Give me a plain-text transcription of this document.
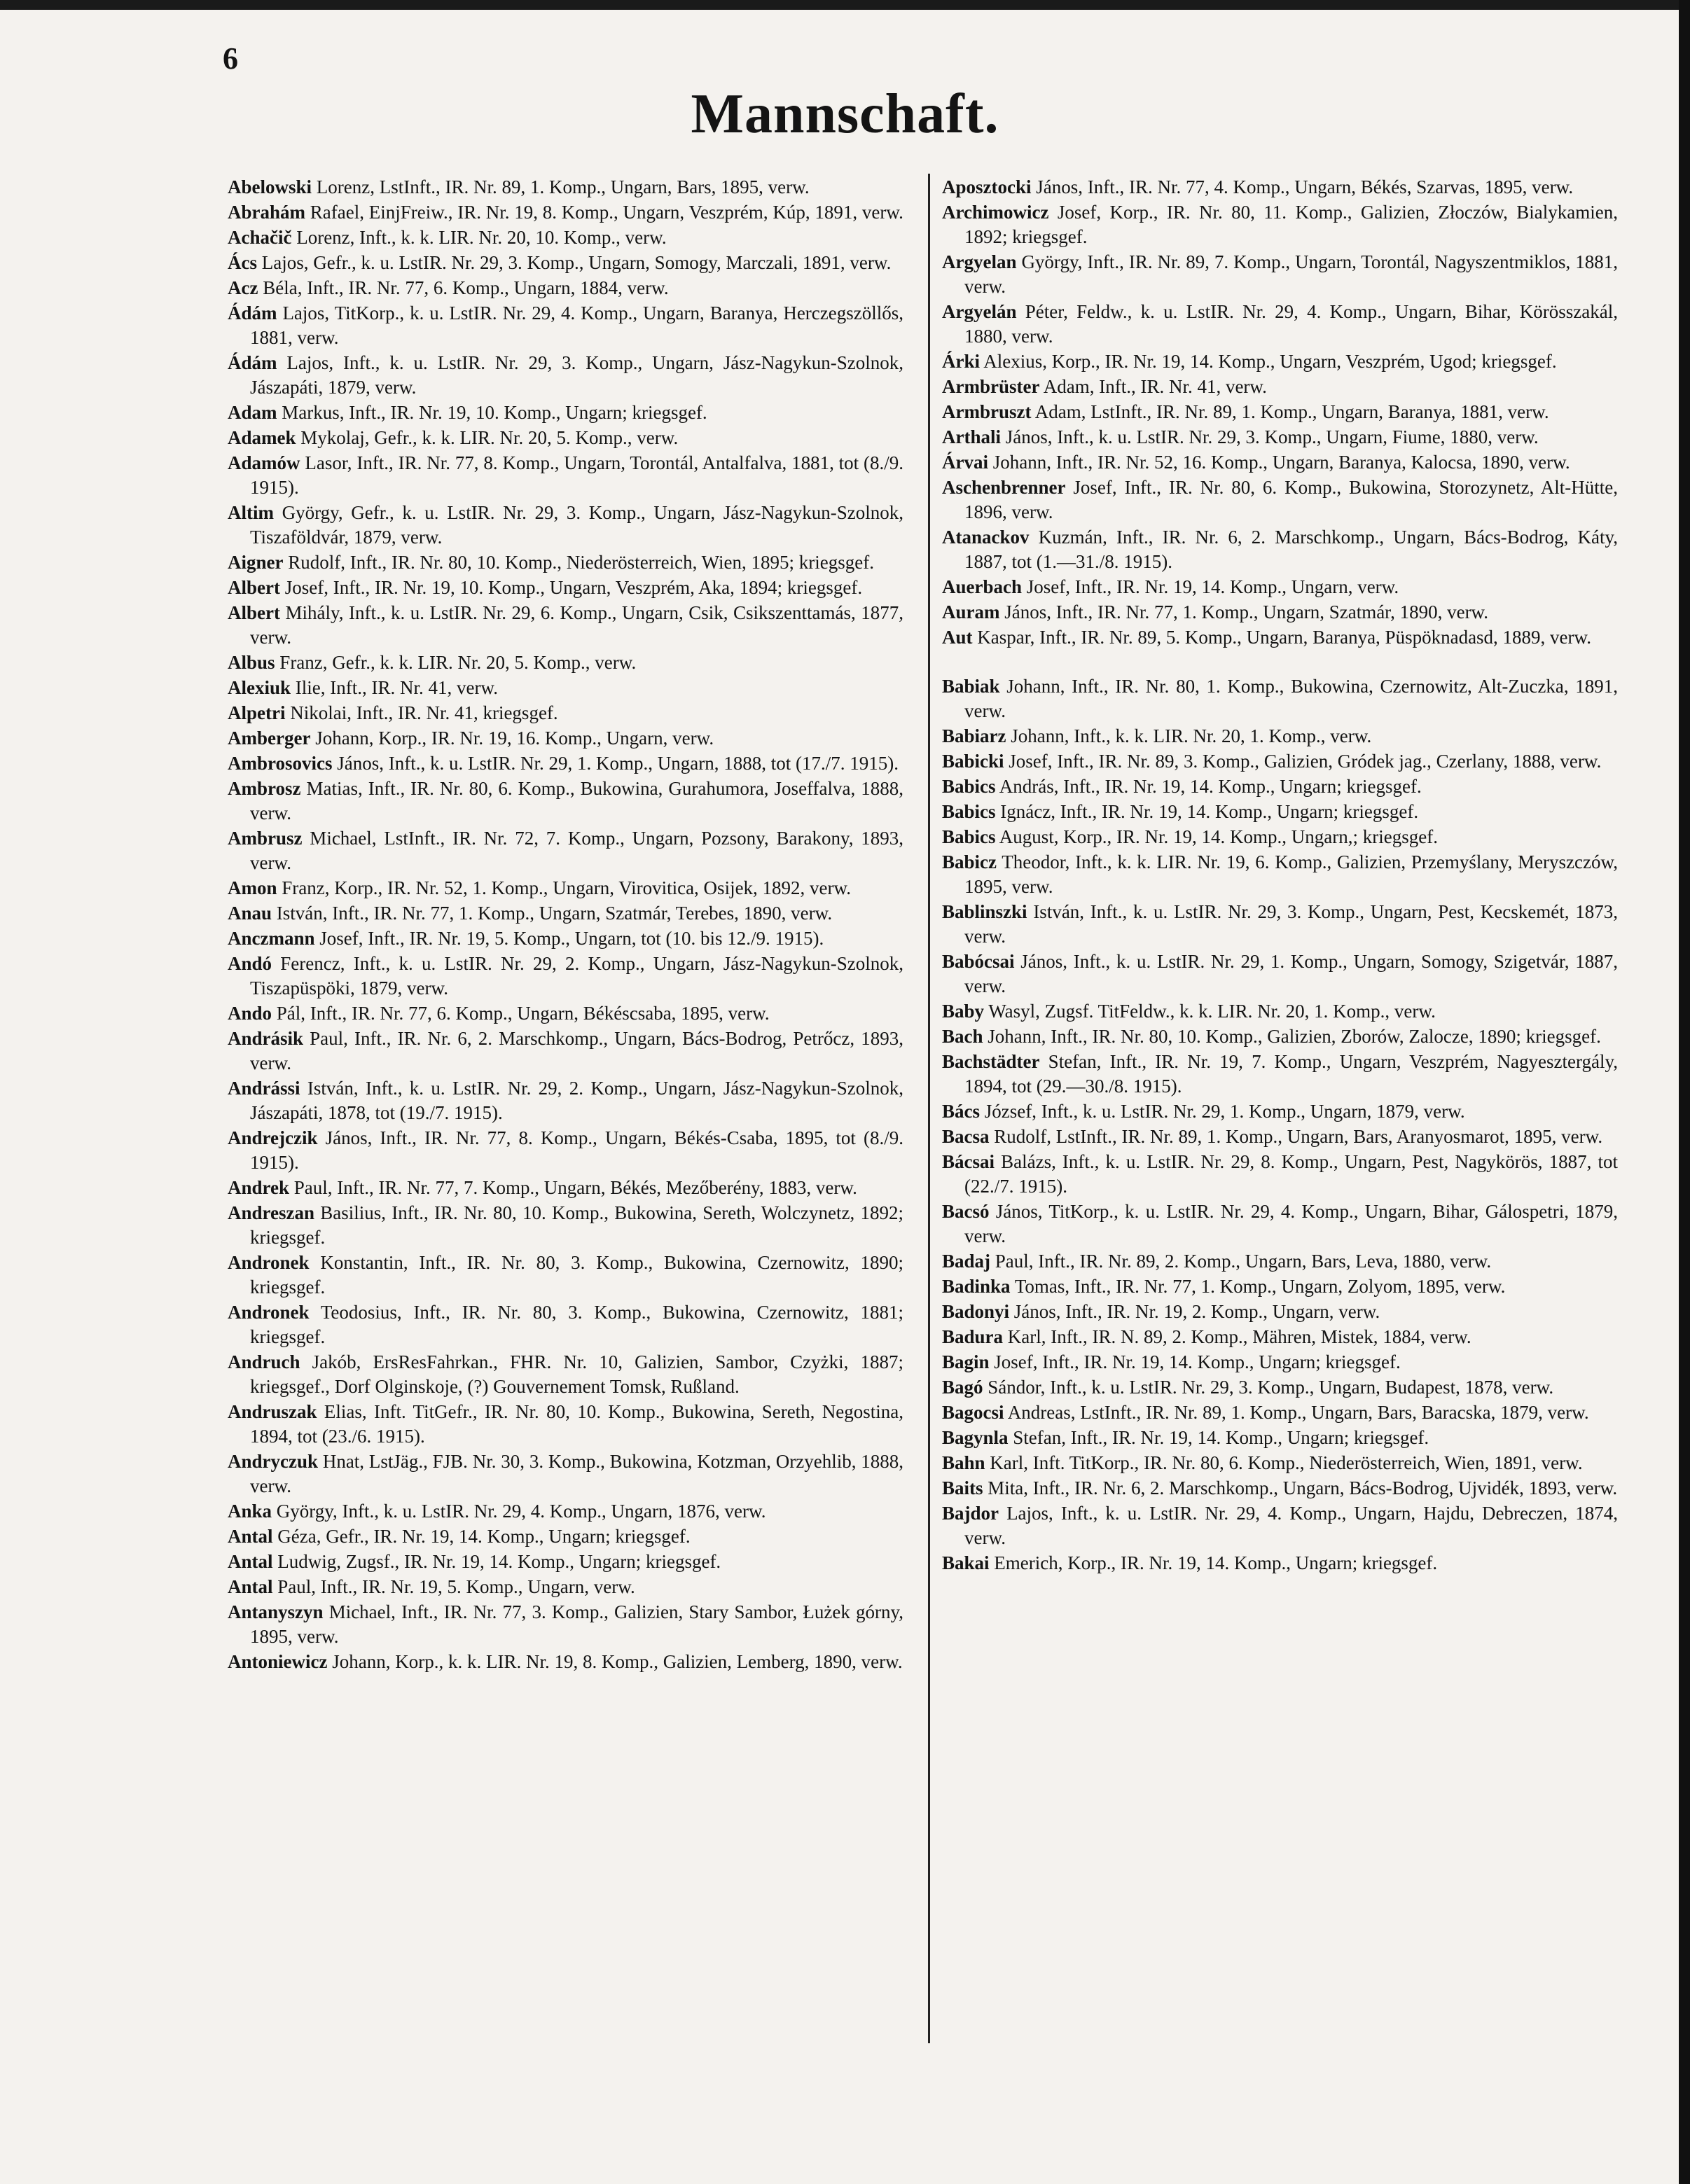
6
Mannschaft.
Abelowski Lorenz, LstInft., IR. Nr. 89, 1. Komp., Ungarn, Bars, 1895, verw.
Abrahám Rafael, EinjFreiw., IR. Nr. 19, 8. Komp., Ungarn, Veszprém, Kúp, 1891, verw.
Achačič Lorenz, Inft., k. k. LIR. Nr. 20, 10. Komp., verw.
Ács Lajos, Gefr., k. u. LstIR. Nr. 29, 3. Komp., Ungarn, Somogy, Marczali, 1891, verw.
Acz Béla, Inft., IR. Nr. 77, 6. Komp., Ungarn, 1884, verw.
Ádám Lajos, TitKorp., k. u. LstIR. Nr. 29, 4. Komp., Ungarn, Baranya, Herczegszöllős, 1881, verw.
Ádám Lajos, Inft., k. u. LstIR. Nr. 29, 3. Komp., Ungarn, Jász-Nagykun-Szolnok, Jászapáti, 1879, verw.
Adam Markus, Inft., IR. Nr. 19, 10. Komp., Ungarn; kriegsgef.
Adamek Mykolaj, Gefr., k. k. LIR. Nr. 20, 5. Komp., verw.
Adamów Lasor, Inft., IR. Nr. 77, 8. Komp., Ungarn, Torontál, Antalfalva, 1881, tot (8./9. 1915).
Altim György, Gefr., k. u. LstIR. Nr. 29, 3. Komp., Ungarn, Jász-Nagykun-Szolnok, Tiszaföldvár, 1879, verw.
Aigner Rudolf, Inft., IR. Nr. 80, 10. Komp., Niederösterreich, Wien, 1895; kriegsgef.
Albert Josef, Inft., IR. Nr. 19, 10. Komp., Ungarn, Veszprém, Aka, 1894; kriegsgef.
Albert Mihály, Inft., k. u. LstIR. Nr. 29, 6. Komp., Ungarn, Csik, Csikszenttamás, 1877, verw.
Albus Franz, Gefr., k. k. LIR. Nr. 20, 5. Komp., verw.
Alexiuk Ilie, Inft., IR. Nr. 41, verw.
Alpetri Nikolai, Inft., IR. Nr. 41, kriegsgef.
Amberger Johann, Korp., IR. Nr. 19, 16. Komp., Ungarn, verw.
Ambrosovics János, Inft., k. u. LstIR. Nr. 29, 1. Komp., Ungarn, 1888, tot (17./7. 1915).
Ambrosz Matias, Inft., IR. Nr. 80, 6. Komp., Bukowina, Gurahumora, Joseffalva, 1888, verw.
Ambrusz Michael, LstInft., IR. Nr. 72, 7. Komp., Ungarn, Pozsony, Barakony, 1893, verw.
Amon Franz, Korp., IR. Nr. 52, 1. Komp., Ungarn, Virovitica, Osijek, 1892, verw.
Anau István, Inft., IR. Nr. 77, 1. Komp., Ungarn, Szatmár, Terebes, 1890, verw.
Anczmann Josef, Inft., IR. Nr. 19, 5. Komp., Ungarn, tot (10. bis 12./9. 1915).
Andó Ferencz, Inft., k. u. LstIR. Nr. 29, 2. Komp., Ungarn, Jász-Nagykun-Szolnok, Tiszapüspöki, 1879, verw.
Ando Pál, Inft., IR. Nr. 77, 6. Komp., Ungarn, Békéscsaba, 1895, verw.
Andrásik Paul, Inft., IR. Nr. 6, 2. Marschkomp., Ungarn, Bács-Bodrog, Petrőcz, 1893, verw.
Andrássi István, Inft., k. u. LstIR. Nr. 29, 2. Komp., Ungarn, Jász-Nagykun-Szolnok, Jászapáti, 1878, tot (19./7. 1915).
Andrejczik János, Inft., IR. Nr. 77, 8. Komp., Ungarn, Békés-Csaba, 1895, tot (8./9. 1915).
Andrek Paul, Inft., IR. Nr. 77, 7. Komp., Ungarn, Békés, Mezőberény, 1883, verw.
Andreszan Basilius, Inft., IR. Nr. 80, 10. Komp., Bukowina, Sereth, Wolczynetz, 1892; kriegsgef.
Andronek Konstantin, Inft., IR. Nr. 80, 3. Komp., Bukowina, Czernowitz, 1890; kriegsgef.
Andronek Teodosius, Inft., IR. Nr. 80, 3. Komp., Bukowina, Czernowitz, 1881; kriegsgef.
Andruch Jakób, ErsResFahrkan., FHR. Nr. 10, Galizien, Sambor, Czyżki, 1887; kriegsgef., Dorf Olginskoje, (?) Gouvernement Tomsk, Rußland.
Andruszak Elias, Inft. TitGefr., IR. Nr. 80, 10. Komp., Bukowina, Sereth, Negostina, 1894, tot (23./6. 1915).
Andryczuk Hnat, LstJäg., FJB. Nr. 30, 3. Komp., Bukowina, Kotzman, Orzyehlib, 1888, verw.
Anka György, Inft., k. u. LstIR. Nr. 29, 4. Komp., Ungarn, 1876, verw.
Antal Géza, Gefr., IR. Nr. 19, 14. Komp., Ungarn; kriegsgef.
Antal Ludwig, Zugsf., IR. Nr. 19, 14. Komp., Ungarn; kriegsgef.
Antal Paul, Inft., IR. Nr. 19, 5. Komp., Ungarn, verw.
Antanyszyn Michael, Inft., IR. Nr. 77, 3. Komp., Galizien, Stary Sambor, Łużek górny, 1895, verw.
Antoniewicz Johann, Korp., k. k. LIR. Nr. 19, 8. Komp., Galizien, Lemberg, 1890, verw.
Aposztocki János, Inft., IR. Nr. 77, 4. Komp., Ungarn, Békés, Szarvas, 1895, verw.
Archimowicz Josef, Korp., IR. Nr. 80, 11. Komp., Galizien, Złoczów, Bialykamien, 1892; kriegsgef.
Argyelan György, Inft., IR. Nr. 89, 7. Komp., Ungarn, Torontál, Nagyszentmiklos, 1881, verw.
Argyelán Péter, Feldw., k. u. LstIR. Nr. 29, 4. Komp., Ungarn, Bihar, Körösszakál, 1880, verw.
Árki Alexius, Korp., IR. Nr. 19, 14. Komp., Ungarn, Veszprém, Ugod; kriegsgef.
Armbrüster Adam, Inft., IR. Nr. 41, verw.
Armbruszt Adam, LstInft., IR. Nr. 89, 1. Komp., Ungarn, Baranya, 1881, verw.
Arthali János, Inft., k. u. LstIR. Nr. 29, 3. Komp., Ungarn, Fiume, 1880, verw.
Árvai Johann, Inft., IR. Nr. 52, 16. Komp., Ungarn, Baranya, Kalocsa, 1890, verw.
Aschenbrenner Josef, Inft., IR. Nr. 80, 6. Komp., Bukowina, Storozynetz, Alt-Hütte, 1896, verw.
Atanackov Kuzmán, Inft., IR. Nr. 6, 2. Marschkomp., Ungarn, Bács-Bodrog, Káty, 1887, tot (1.—31./8. 1915).
Auerbach Josef, Inft., IR. Nr. 19, 14. Komp., Ungarn, verw.
Auram János, Inft., IR. Nr. 77, 1. Komp., Ungarn, Szatmár, 1890, verw.
Aut Kaspar, Inft., IR. Nr. 89, 5. Komp., Ungarn, Baranya, Püspöknadasd, 1889, verw.
Babiak Johann, Inft., IR. Nr. 80, 1. Komp., Bukowina, Czernowitz, Alt-Zuczka, 1891, verw.
Babiarz Johann, Inft., k. k. LIR. Nr. 20, 1. Komp., verw.
Babicki Josef, Inft., IR. Nr. 89, 3. Komp., Galizien, Gródek jag., Czerlany, 1888, verw.
Babics András, Inft., IR. Nr. 19, 14. Komp., Ungarn; kriegsgef.
Babics Ignácz, Inft., IR. Nr. 19, 14. Komp., Ungarn; kriegsgef.
Babics August, Korp., IR. Nr. 19, 14. Komp., Ungarn,; kriegsgef.
Babicz Theodor, Inft., k. k. LIR. Nr. 19, 6. Komp., Galizien, Przemyślany, Meryszczów, 1895, verw.
Bablinszki István, Inft., k. u. LstIR. Nr. 29, 3. Komp., Ungarn, Pest, Kecskemét, 1873, verw.
Babócsai János, Inft., k. u. LstIR. Nr. 29, 1. Komp., Ungarn, Somogy, Szigetvár, 1887, verw.
Baby Wasyl, Zugsf. TitFeldw., k. k. LIR. Nr. 20, 1. Komp., verw.
Bach Johann, Inft., IR. Nr. 80, 10. Komp., Galizien, Zborów, Zalocze, 1890; kriegsgef.
Bachstädter Stefan, Inft., IR. Nr. 19, 7. Komp., Ungarn, Veszprém, Nagyesztergály, 1894, tot (29.—30./8. 1915).
Bács József, Inft., k. u. LstIR. Nr. 29, 1. Komp., Ungarn, 1879, verw.
Bacsa Rudolf, LstInft., IR. Nr. 89, 1. Komp., Ungarn, Bars, Aranyosmarot, 1895, verw.
Bácsai Balázs, Inft., k. u. LstIR. Nr. 29, 8. Komp., Ungarn, Pest, Nagykörös, 1887, tot (22./7. 1915).
Bacsó János, TitKorp., k. u. LstIR. Nr. 29, 4. Komp., Ungarn, Bihar, Gálospetri, 1879, verw.
Badaj Paul, Inft., IR. Nr. 89, 2. Komp., Ungarn, Bars, Leva, 1880, verw.
Badinka Tomas, Inft., IR. Nr. 77, 1. Komp., Ungarn, Zolyom, 1895, verw.
Badonyi János, Inft., IR. Nr. 19, 2. Komp., Ungarn, verw.
Badura Karl, Inft., IR. N. 89, 2. Komp., Mähren, Mistek, 1884, verw.
Bagin Josef, Inft., IR. Nr. 19, 14. Komp., Ungarn; kriegsgef.
Bagó Sándor, Inft., k. u. LstIR. Nr. 29, 3. Komp., Ungarn, Budapest, 1878, verw.
Bagocsi Andreas, LstInft., IR. Nr. 89, 1. Komp., Ungarn, Bars, Baracska, 1879, verw.
Bagynla Stefan, Inft., IR. Nr. 19, 14. Komp., Ungarn; kriegsgef.
Bahn Karl, Inft. TitKorp., IR. Nr. 80, 6. Komp., Niederösterreich, Wien, 1891, verw.
Baits Mita, Inft., IR. Nr. 6, 2. Marschkomp., Ungarn, Bács-Bodrog, Ujvidék, 1893, verw.
Bajdor Lajos, Inft., k. u. LstIR. Nr. 29, 4. Komp., Ungarn, Hajdu, Debreczen, 1874, verw.
Bakai Emerich, Korp., IR. Nr. 19, 14. Komp., Ungarn; kriegsgef.
